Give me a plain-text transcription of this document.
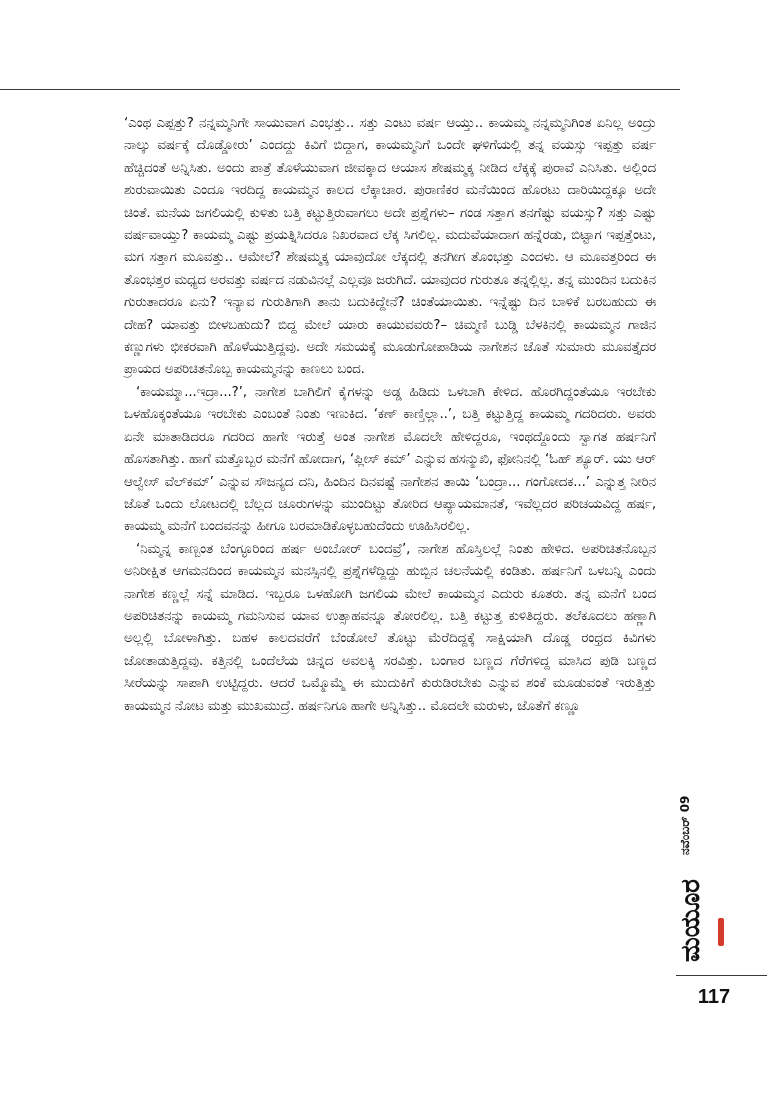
‘ಎಂಥ ಎಪ್ಪತ್ತು? ನನ್ನಮ್ಮನಿಗೇ ಸಾಯುವಾಗ ಎಂಭತ್ತು.. ಸತ್ತು ಎಂಟು ವರ್ಷ ಆಯ್ತು.. ಕಾಯಮ್ಮ ನನ್ನಮ್ಮನಿಗಿಂತ ಏನಿಲ್ಲ ಅಂದ್ರು ನಾಲ್ಕು ವರ್ಷಕ್ಕೆ ದೊಡ್ಡೋರು’ ಎಂದದ್ದು ಕಿವಿಗೆ ಬಿದ್ದಾಗ, ಕಾಯಮ್ಮನಿಗೆ ಒಂದೇ ಘಳಿಗೆಯಲ್ಲಿ ತನ್ನ ವಯಸ್ಸು ಇಪ್ಪತ್ತು ವರ್ಷ ಹೆಚ್ಚಿದಂತೆ ಅನ್ನಿಸಿತು. ಅಂದು ಪಾತ್ರೆ ತೊಳೆಯುವಾಗ ಜೀವಕ್ಕಾದ ಆಯಾಸ ಶೇಷಮ್ಮಕ್ಕ ನೀಡಿದ ಲೆಕ್ಕಕ್ಕೆ ಪುರಾವೆ ಎನಿಸಿತು. ಅಲ್ಲಿಂದ ಶುರುವಾಯಿತು ಎಂದೂ ಇರದಿದ್ದ ಕಾಯಮ್ಮನ ಕಾಲದ ಲೆಕ್ಕಾಚಾರ. ಪುರಾಣಿಕರ ಮನೆಯಿಂದ ಹೊರಟು ದಾರಿಯಿದ್ದಕ್ಕೂ ಅದೇ ಚಿಂತೆ. ಮನೆಯ ಜಗಲಿಯಲ್ಲಿ ಕುಳಿತು ಬತ್ತಿ ಕಟ್ಟುತ್ತಿರುವಾಗಲು ಅದೇ ಪ್ರಶ್ನೆಗಳು– ಗಂಡ ಸತ್ತಾಗ ತನಗೆಷ್ಟು ವಯಸ್ಸು? ಸತ್ತು ಎಷ್ಟು ವರ್ಷವಾಯ್ತು? ಕಾಯಮ್ಮ ಎಷ್ಟು ಪ್ರಯತ್ನಿಸಿದರೂ ನಿಖರವಾದ ಲೆಕ್ಕ ಸಿಗಲಿಲ್ಲ. ಮದುವೆಯಾದಾಗ ಹನ್ನೆರಡು, ಬಿಟ್ಟಾಗ ಇಪ್ಪತ್ತೆಂಟು, ಮಗ ಸತ್ತಾಗ ಮೂವತ್ತು.. ಆಮೇಲೆ? ಶೇಷಮ್ಮಕ್ಕ ಯಾವುದೋ ಲೆಕ್ಕದಲ್ಲಿ ತನಗೀಗ ತೊಂಭತ್ತು ಎಂದಳು. ಆ ಮೂವತ್ತರಿಂದ ಈ ತೊಂಭತ್ತರ ಮಧ್ಯದ ಅರವತ್ತು ವರ್ಷದ ನಡುವಿನಲ್ಲೆ ಎಲ್ಲವೂ ಜರುಗಿದೆ. ಯಾವುದರ ಗುರುತೂ ತನ್ನಲ್ಲಿಲ್ಲ. ತನ್ನ ಮುಂದಿನ ಬದುಕಿನ ಗುರುತಾದರೂ ಏನು? ಇನ್ಯಾವ ಗುರುತಿಗಾಗಿ ತಾನು ಬದುಕಿದ್ದೇನೆ? ಚಿಂತೆಯಾಯಿತು. ಇನ್ನೆಷ್ಟು ದಿನ ಬಾಳಿಕೆ ಬರಬಹುದು ಈ ದೇಹ? ಯಾವತ್ತು ಬೀಳಬಹುದು? ಬಿದ್ದ ಮೇಲೆ ಯಾರು ಕಾಯುವವರು?– ಚಿಮ್ಮಣಿ ಬುಡ್ಡಿ ಬೆಳಕಿನಲ್ಲಿ ಕಾಯಮ್ಮನ ಗಾಜಿನ ಕಣ್ಣುಗಳು ಭೀಕರವಾಗಿ ಹೊಳೆಯುತ್ತಿದ್ದವು. ಅದೇ ಸಮಯಕ್ಕೆ ಮೂಡುಗೋಪಾಡಿಯ ನಾಗೇಶನ ಜೊತೆ ಸುಮಾರು ಮೂವತ್ತೈದರ ಪ್ರಾಯದ ಅಪರಿಚಿತನೊಬ್ಬ ಕಾಯಮ್ಮನನ್ನು ಕಾಣಲು ಬಂದ.

‘ಕಾಯಮ್ಮಾ...ಇದ್ರಾ...?’, ನಾಗೇಶ ಬಾಗಿಲಿಗೆ ಕೈಗಳನ್ನು ಅಡ್ಡ ಹಿಡಿದು ಒಳಬಾಗಿ ಕೇಳಿದ. ಹೊರಗಿದ್ದಂತೆಯೂ ಇರಬೇಕು ಒಳಹೊಕ್ಕಂತೆಯೂ ಇರಬೇಕು ಎಂಬಂತೆ ನಿಂತು ಇಣುಕಿದ. ‘ಕಣ್ ಕಾಣ್ತಿಲ್ಲಾ..’, ಬತ್ತಿ ಕಟ್ಟುತ್ತಿದ್ದ ಕಾಯಮ್ಮ ಗದರಿದರು. ಅವರು ಏನೇ ಮಾತಾಡಿದರೂ ಗದರಿದ ಹಾಗೇ ಇರುತ್ತೆ ಅಂತ ನಾಗೇಶ ಮೊದಲೇ ಹೇಳಿದ್ದರೂ, ಇಂಥದ್ದೊಂದು ಸ್ವಾಗತ ಹರ್ಷನಿಗೆ ಹೊಸತಾಗಿತ್ತು. ಹಾಗೆ ಮತ್ತೊಬ್ಬರ ಮನೆಗೆ ಹೋದಾಗ, ‘ಪ್ಲೀಸ್ ಕಮ್’ ಎನ್ನುವ ಹಸನ್ಮುಖಿ, ಫೋನಿನಲ್ಲಿ ‘ಓಹ್ ಶ್ಯೂರ್. ಯು ಆರ್ ಆಲ್ವೇಸ್ ವೆಲ್‌ಕಮ್’ ಎನ್ನುವ ಸೌಜನ್ಯದ ದನಿ, ಹಿಂದಿನ ದಿನವಷ್ಟೆ ನಾಗೇಶನ ತಾಯಿ ‘ಬಂದ್ರಾ... ಗಂಗೋದಕ...’ ಎನ್ನುತ್ತ ನೀರಿನ ಜೊತೆ ಒಂದು ಲೋಟದಲ್ಲಿ ಬೆಲ್ಲದ ಚೂರುಗಳನ್ನು ಮುಂದಿಟ್ಟು ತೋರಿದ ಆಪ್ಯಾಯಮಾನತೆ, ಇವೆಲ್ಲದರ ಪರಿಚಯವಿದ್ದ ಹರ್ಷ, ಕಾಯಮ್ಮ ಮನೆಗೆ ಬಂದವನನ್ನು ಹೀಗೂ ಬರಮಾಡಿಕೊಳ್ಳಬಹುದೆಂದು ಊಹಿಸಿರಲಿಲ್ಲ.

‘ನಿಮ್ಮನ್ನ ಕಾಣ್ಬಂತ ಬೆಂಗ್ಳೂರಿಂದ ಹರ್ಷ ಅಂಬೋರ್ ಬಂದವ್ರೆ’, ನಾಗೇಶ ಹೊಸ್ತಿಲಲ್ಲೆ ನಿಂತು ಹೇಳಿದ. ಅಪರಿಚಿತನೊಬ್ಬನ ಅನಿರೀಕ್ಷಿತ ಆಗಮನದಿಂದ ಕಾಯಮ್ಮನ ಮನಸ್ಸಿನಲ್ಲಿ ಪ್ರಶ್ನೆಗಳೆದ್ದಿದ್ದು ಹುಬ್ಬಿನ ಚಲನೆಯಲ್ಲಿ ಕಂಡಿತು. ಹರ್ಷನಿಗೆ ಒಳಬನ್ನಿ ಎಂದು ನಾಗೇಶ ಕಣ್ಣಲ್ಲೆ ಸನ್ನೆ ಮಾಡಿದ. ಇಬ್ಬರೂ ಒಳಹೋಗಿ ಜಗಲಿಯ ಮೇಲೆ ಕಾಯಮ್ಮನ ಎದುರು ಕೂತರು. ತನ್ನ ಮನೆಗೆ ಬಂದ ಅಪರಿಚಿತನನ್ನು ಕಾಯಮ್ಮ ಗಮನಿಸುವ ಯಾವ ಉತ್ಸಾಹವನ್ನೂ ತೋರಲಿಲ್ಲ. ಬತ್ತಿ ಕಟ್ಟುತ್ತ ಕುಳಿತಿದ್ದರು. ತಲೆಕೂದಲು ಹಣ್ಣಾಗಿ ಅಲ್ಲಲ್ಲಿ ಬೋಳಾಗಿತ್ತು. ಬಹಳ ಕಾಲದವರೆಗೆ ಬೆಂಡೋಲೆ ತೊಟ್ಟು ಮೆರೆದಿದ್ದಕ್ಕೆ ಸಾಕ್ಷಿಯಾಗಿ ದೊಡ್ಡ ರಂಧ್ರದ ಕಿವಿಗಳು ಜೋತಾಡುತ್ತಿದ್ದವು. ಕತ್ತಿನಲ್ಲಿ ಒಂದೆಲೆಯ ಚಿನ್ನದ ಅವಲಕ್ಕಿ ಸರವಿತ್ತು. ಬಂಗಾರ ಬಣ್ಣದ ಗೆರೆಗಳಿದ್ದ ಮಾಸಿದ ಪುಡಿ ಬಣ್ಣದ ಸೀರೆಯನ್ನು ಸಾಪಾಗಿ ಉಟ್ಟಿದ್ದರು. ಆದರೆ ಒಮ್ಮೊಮ್ಮೆ ಈ ಮುದುಕಿಗೆ ಕುರುಡಿರಬೇಕು ಎನ್ನುವ ಶಂಕೆ ಮೂಡುವಂತೆ ಇರುತ್ತಿತ್ತು ಕಾಯಮ್ಮನ ನೋಟ ಮತ್ತು ಮುಖಮುದ್ರೆ. ಹರ್ಷನಿಗೂ ಹಾಗೇ ಅನ್ನಿಸಿತ್ತು.. ಮೊದಲೇ ಮರುಳು, ಜೊತೆಗೆ ಕಣ್ಣೂ

ನವೆಂಬರ್ 09
ಮಯೂರ
117
